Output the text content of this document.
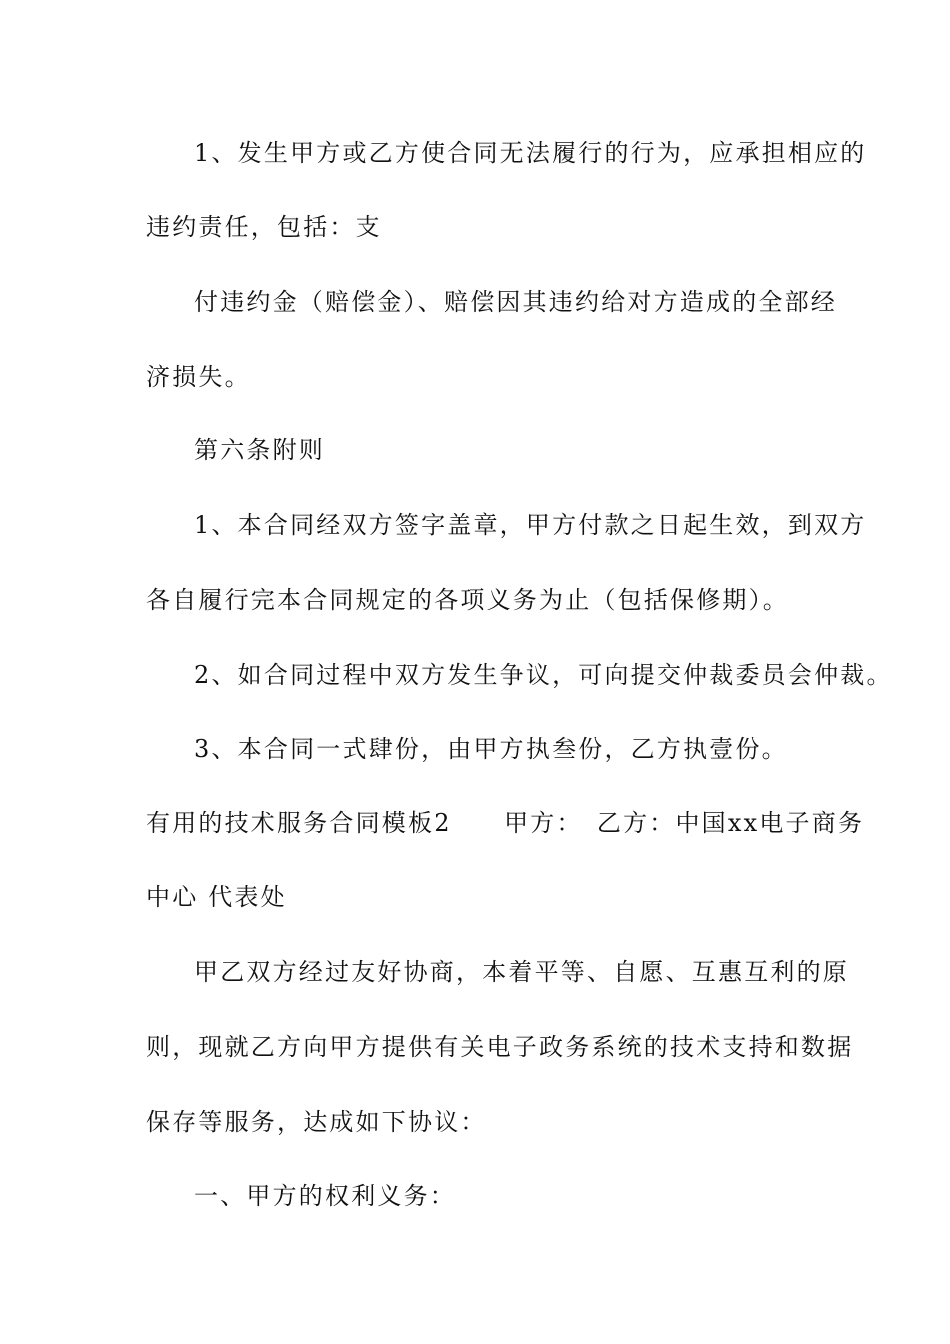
1、发生甲方或乙方使合同无法履行的行为，应承担相应的
违约责任，包括：支
付违约金（赔偿金）、赔偿因其违约给对方造成的全部经
济损失。
第六条附则
1、本合同经双方签字盖章，甲方付款之日起生效，到双方
各自履行完本合同规定的各项义务为止（包括保修期）。
2、如合同过程中双方发生争议，可向提交仲裁委员会仲裁。
3、本合同一式肆份，由甲方执叁份，乙方执壹份。
有用的技术服务合同模板2　　甲方：　乙方：中国xx电子商务
中心 代表处
甲乙双方经过友好协商，本着平等、自愿、互惠互利的原
则，现就乙方向甲方提供有关电子政务系统的技术支持和数据
保存等服务，达成如下协议：
一、甲方的权利义务：
